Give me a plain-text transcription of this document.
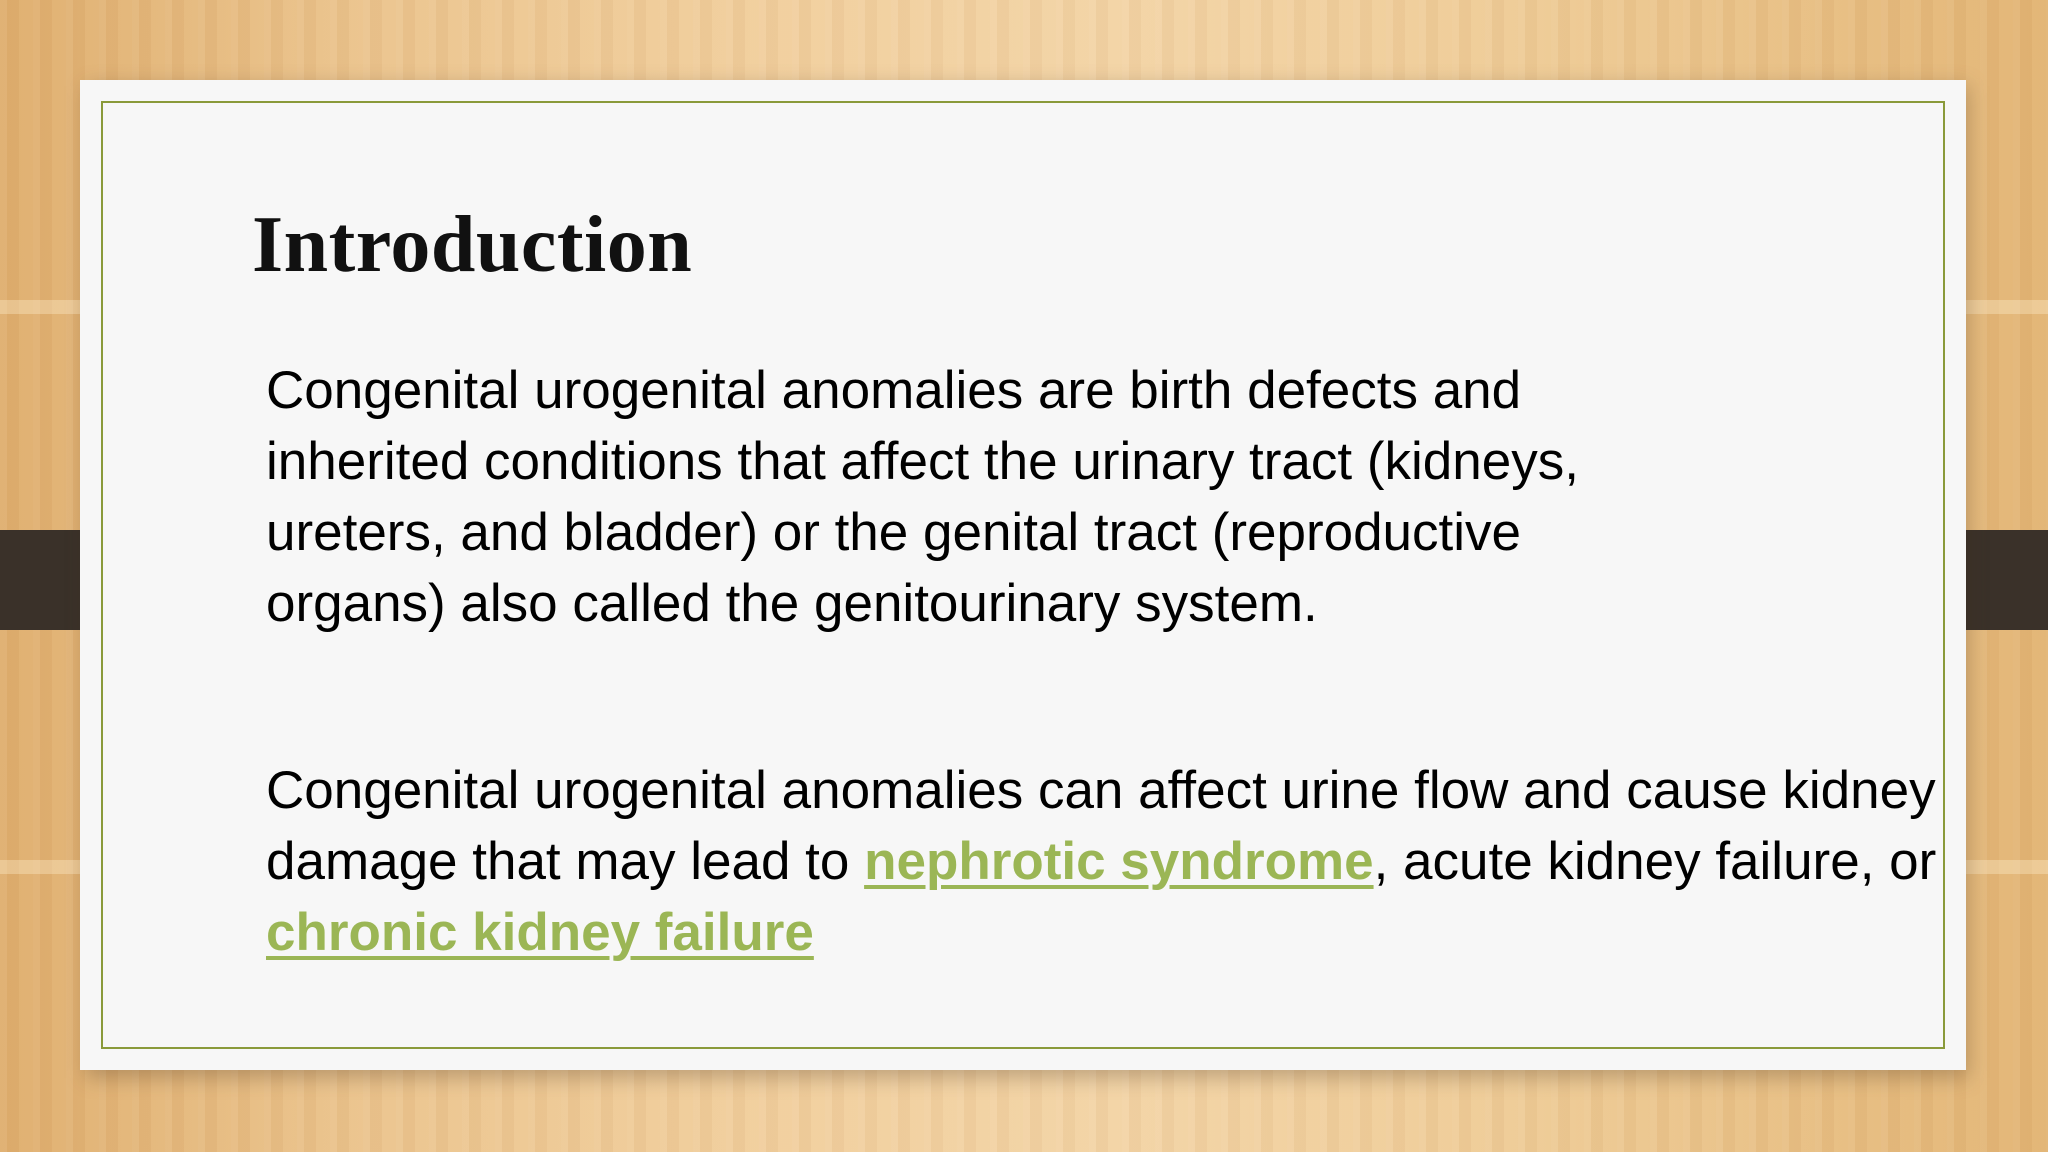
Introduction

Congenital urogenital anomalies are birth defects and inherited conditions that affect the urinary tract (kidneys, ureters, and bladder) or the genital tract (reproductive organs) also called the genitourinary system.

Congenital urogenital anomalies can affect urine flow and cause kidney damage that may lead to nephrotic syndrome, acute kidney failure, or chronic kidney failure
